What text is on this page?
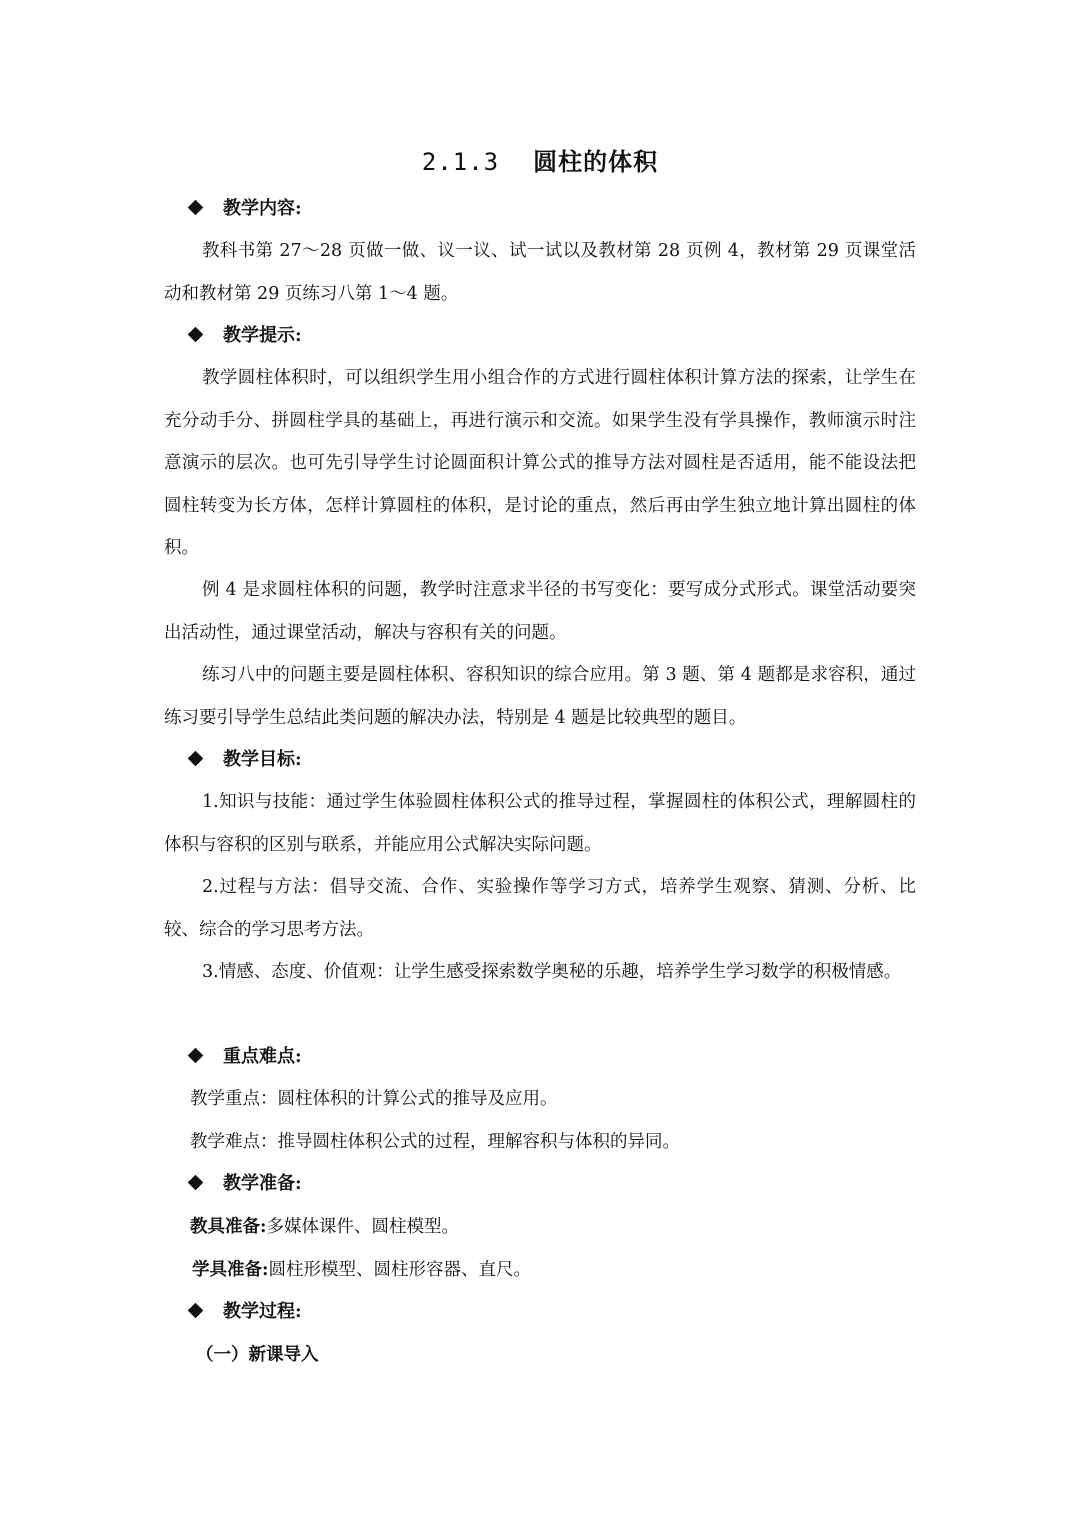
2.1.3 圆柱的体积
教学内容:

教科书第 27～28 页做一做、议一议、试一试以及教材第 28 页例 4，教材第 29 页课堂活动和教材第 29 页练习八第 1～4 题。

教学提示:

教学圆柱体积时，可以组织学生用小组合作的方式进行圆柱体积计算方法的探索，让学生在充分动手分、拼圆柱学具的基础上，再进行演示和交流。如果学生没有学具操作，教师演示时注意演示的层次。也可先引导学生讨论圆面积计算公式的推导方法对圆柱是否适用，能不能设法把圆柱转变为长方体，怎样计算圆柱的体积，是讨论的重点，然后再由学生独立地计算出圆柱的体积。

例 4 是求圆柱体积的问题，教学时注意求半径的书写变化：要写成分式形式。课堂活动要突出活动性，通过课堂活动，解决与容积有关的问题。

练习八中的问题主要是圆柱体积、容积知识的综合应用。第 3 题、第 4 题都是求容积，通过练习要引导学生总结此类问题的解决办法，特别是 4 题是比较典型的题目。

教学目标:

1.知识与技能：通过学生体验圆柱体积公式的推导过程，掌握圆柱的体积公式，理解圆柱的体积与容积的区别与联系，并能应用公式解决实际问题。

2.过程与方法：倡导交流、合作、实验操作等学习方式，培养学生观察、猜测、分析、比较、综合的学习思考方法。

3.情感、态度、价值观：让学生感受探索数学奥秘的乐趣，培养学生学习数学的积极情感。

重点难点:
教学重点：圆柱体积的计算公式的推导及应用。
教学难点：推导圆柱体积公式的过程，理解容积与体积的异同。
教学准备:
教具准备:多媒体课件、圆柱模型。
学具准备:圆柱形模型、圆柱形容器、直尺。
教学过程:
（一）新课导入
